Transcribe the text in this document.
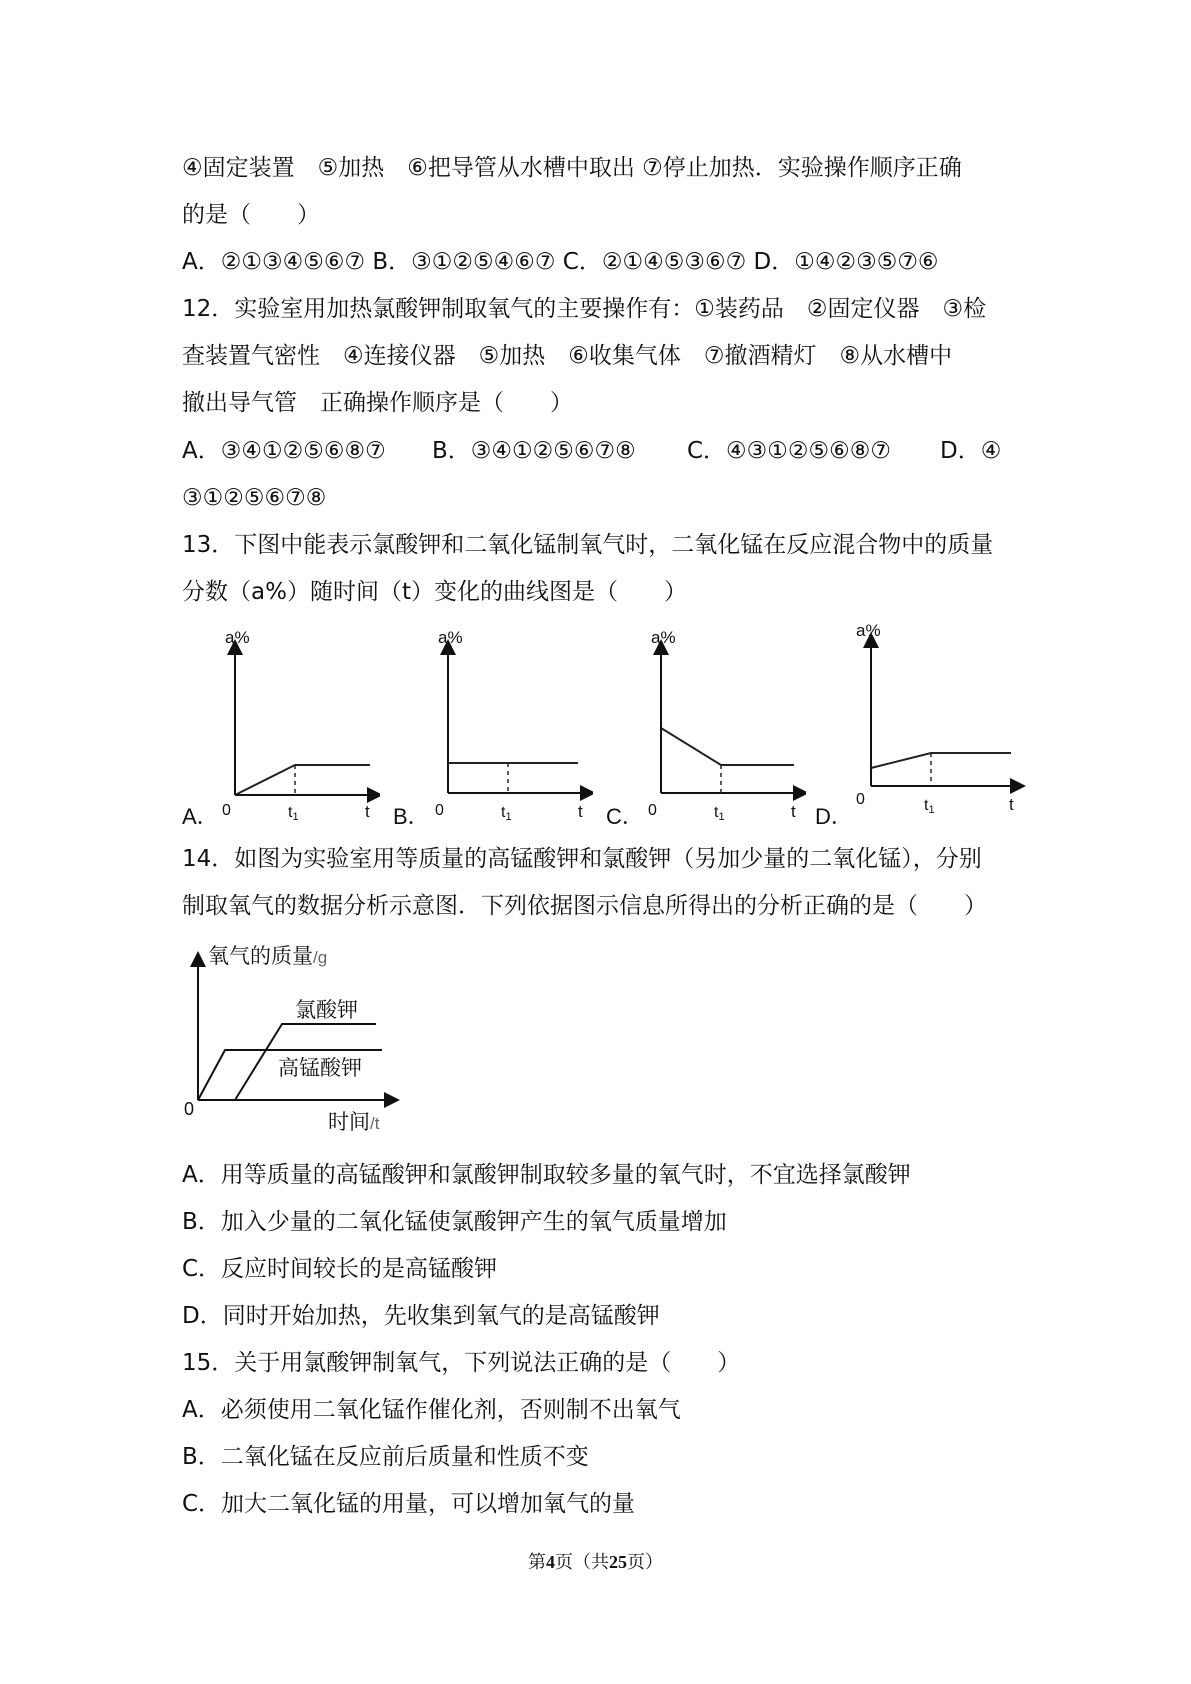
④固定装置　⑤加热　⑥把导管从水槽中取出 ⑦停止加热．实验操作顺序正确
的是（　　）
A．②①③④⑤⑥⑦ B．③①②⑤④⑥⑦ C．②①④⑤③⑥⑦ D．①④②③⑤⑦⑥
12．实验室用加热氯酸钾制取氧气的主要操作有：①装药品　②固定仪器　③检
查装置气密性　④连接仪器　⑤加热　⑥收集气体　⑦撤酒精灯　⑧从水槽中
撤出导气管　正确操作顺序是（　　）
A．③④①②⑤⑥⑧⑦ B．③④①②⑤⑥⑦⑧ C．④③①②⑤⑥⑧⑦ D．④
③①②⑤⑥⑦⑧
13．下图中能表示氯酸钾和二氧化锰制氧气时，二氧化锰在反应混合物中的质量
分数（a%）随时间（t）变化的曲线图是（　　）
a%
0	t1	t
A．
a%
0	t1	t
B．
a%
0	t1	t
C．
a%
0	t1	t
D．
14．如图为实验室用等质量的高锰酸钾和氯酸钾（另加少量的二氧化锰），分别
制取氧气的数据分析示意图．下列依据图示信息所得出的分析正确的是（　　）
氧气的质量/g
氯酸钾
高锰酸钾
0
时间/t
A．用等质量的高锰酸钾和氯酸钾制取较多量的氧气时，不宜选择氯酸钾
B．加入少量的二氧化锰使氯酸钾产生的氧气质量增加
C．反应时间较长的是高锰酸钾
D．同时开始加热，先收集到氧气的是高锰酸钾
15．关于用氯酸钾制氧气，下列说法正确的是（　　）
A．必须使用二氧化锰作催化剂，否则制不出氧气
B．二氧化锰在反应前后质量和性质不变
C．加大二氧化锰的用量，可以增加氧气的量
第4页（共25页）
